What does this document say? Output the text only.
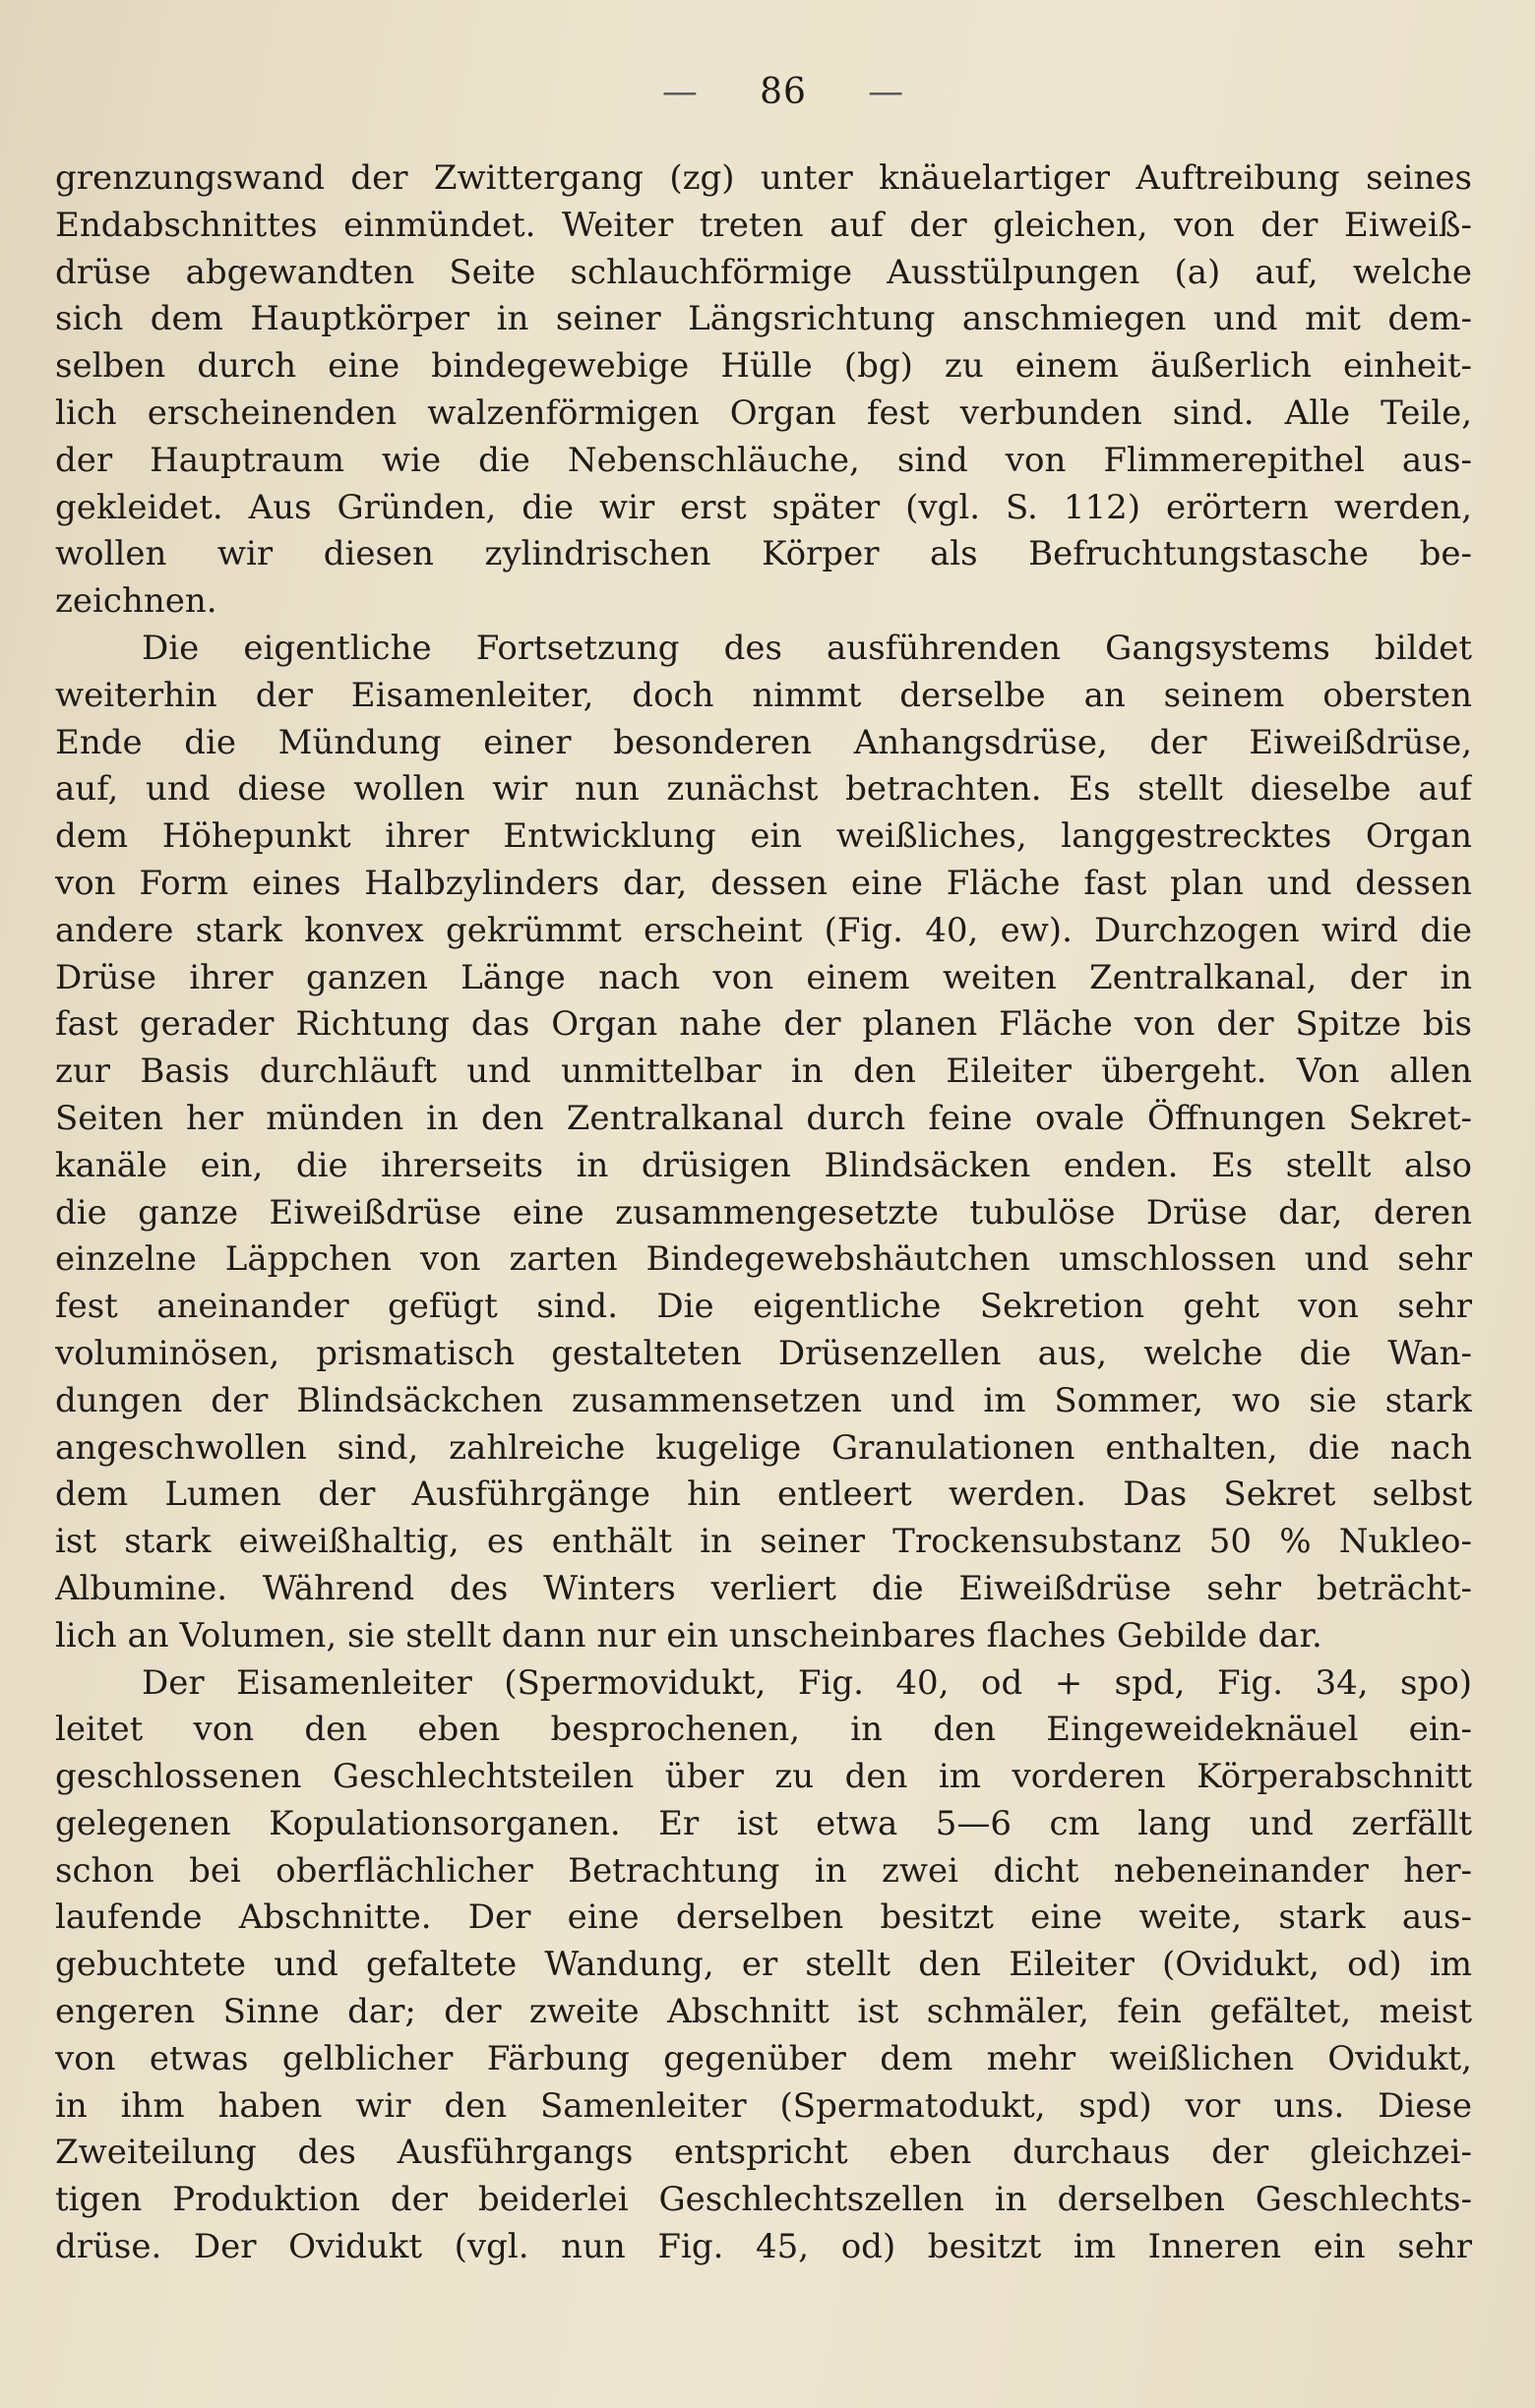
— 86 —
grenzungswand der Zwittergang (zg) unter knäuelartiger Auftreibung seines
Endabschnittes einmündet. Weiter treten auf der gleichen, von der Eiweiß-
drüse abgewandten Seite schlauchförmige Ausstülpungen (a) auf, welche
sich dem Hauptkörper in seiner Längsrichtung anschmiegen und mit dem-
selben durch eine bindegewebige Hülle (bg) zu einem äußerlich einheit-
lich erscheinenden walzenförmigen Organ fest verbunden sind. Alle Teile,
der Hauptraum wie die Nebenschläuche, sind von Flimmerepithel aus-
gekleidet. Aus Gründen, die wir erst später (vgl. S. 112) erörtern werden,
wollen wir diesen zylindrischen Körper als Befruchtungstasche be-
zeichnen.
Die eigentliche Fortsetzung des ausführenden Gangsystems bildet
weiterhin der Eisamenleiter, doch nimmt derselbe an seinem obersten
Ende die Mündung einer besonderen Anhangsdrüse, der Eiweißdrüse,
auf, und diese wollen wir nun zunächst betrachten. Es stellt dieselbe auf
dem Höhepunkt ihrer Entwicklung ein weißliches, langgestrecktes Organ
von Form eines Halbzylinders dar, dessen eine Fläche fast plan und dessen
andere stark konvex gekrümmt erscheint (Fig. 40, ew). Durchzogen wird die
Drüse ihrer ganzen Länge nach von einem weiten Zentralkanal, der in
fast gerader Richtung das Organ nahe der planen Fläche von der Spitze bis
zur Basis durchläuft und unmittelbar in den Eileiter übergeht. Von allen
Seiten her münden in den Zentralkanal durch feine ovale Öffnungen Sekret-
kanäle ein, die ihrerseits in drüsigen Blindsäcken enden. Es stellt also
die ganze Eiweißdrüse eine zusammengesetzte tubulöse Drüse dar, deren
einzelne Läppchen von zarten Bindegewebshäutchen umschlossen und sehr
fest aneinander gefügt sind. Die eigentliche Sekretion geht von sehr
voluminösen, prismatisch gestalteten Drüsenzellen aus, welche die Wan-
dungen der Blindsäckchen zusammensetzen und im Sommer, wo sie stark
angeschwollen sind, zahlreiche kugelige Granulationen enthalten, die nach
dem Lumen der Ausführgänge hin entleert werden. Das Sekret selbst
ist stark eiweißhaltig, es enthält in seiner Trockensubstanz 50 % Nukleo-
Albumine. Während des Winters verliert die Eiweißdrüse sehr beträcht-
lich an Volumen, sie stellt dann nur ein unscheinbares flaches Gebilde dar.
Der Eisamenleiter (Spermovidukt, Fig. 40, od + spd, Fig. 34, spo)
leitet von den eben besprochenen, in den Eingeweideknäuel ein-
geschlossenen Geschlechtsteilen über zu den im vorderen Körperabschnitt
gelegenen Kopulationsorganen. Er ist etwa 5—6 cm lang und zerfällt
schon bei oberflächlicher Betrachtung in zwei dicht nebeneinander her-
laufende Abschnitte. Der eine derselben besitzt eine weite, stark aus-
gebuchtete und gefaltete Wandung, er stellt den Eileiter (Ovidukt, od) im
engeren Sinne dar; der zweite Abschnitt ist schmäler, fein gefältet, meist
von etwas gelblicher Färbung gegenüber dem mehr weißlichen Ovidukt,
in ihm haben wir den Samenleiter (Spermatodukt, spd) vor uns. Diese
Zweiteilung des Ausführgangs entspricht eben durchaus der gleichzei-
tigen Produktion der beiderlei Geschlechtszellen in derselben Geschlechts-
drüse. Der Ovidukt (vgl. nun Fig. 45, od) besitzt im Inneren ein sehr
